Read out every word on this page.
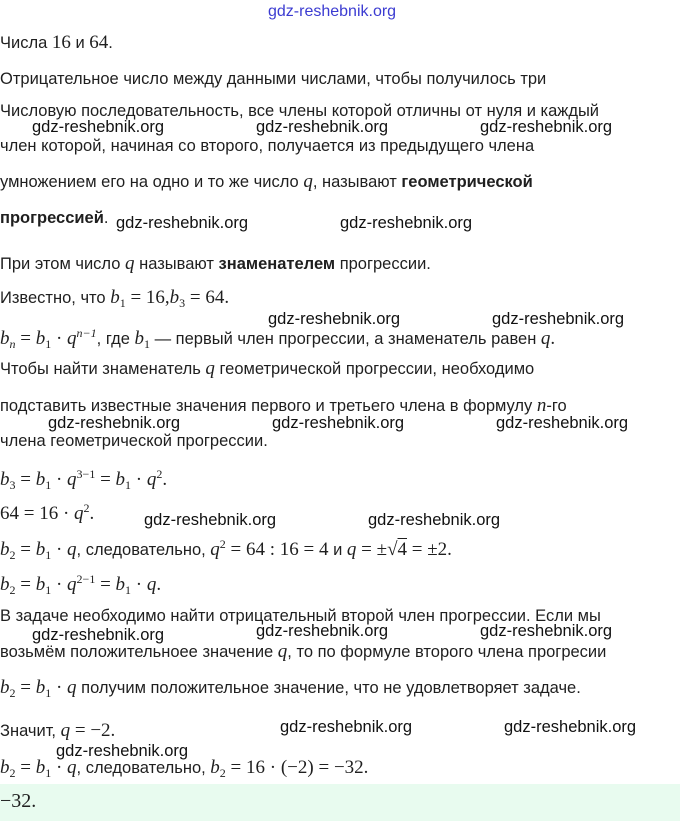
gdz-reshebnik.org
gdz-reshebnik.org	gdz-reshebnik.org	gdz-reshebnik.org
gdz-reshebnik.org	gdz-reshebnik.org
gdz-reshebnik.org	gdz-reshebnik.org
gdz-reshebnik.org	gdz-reshebnik.org	gdz-reshebnik.org
gdz-reshebnik.org	gdz-reshebnik.org
gdz-reshebnik.org	gdz-reshebnik.org	gdz-reshebnik.org
gdz-reshebnik.org	gdz-reshebnik.org
gdz-reshebnik.org
Числа 16 и 64.
Отрицательное число между данными числами, чтобы получилось три
Числовую последовательность, все члены которой отличны от нуля и каждый
член которой, начиная со второго, получается из предыдущего члена
умножением его на одно и то же число q, называют геометрической
прогрессией.
При этом число q называют знаменателем прогрессии.
Известно, что $b_1 = 16,b_3 = 64$.
$b_n = b_1 \cdot q^{n-1}$, где $b_1$ — первый член прогрессии, а знаменатель равен q.
Чтобы найти знаменатель q геометрической прогрессии, необходимо
подставить известные значения первого и третьего члена в формулу n-го
члена геометрической прогрессии.
$b_3 = b_1 \cdot q^{3-1} = b_1 \cdot q^2$.
$64 = 16 \cdot q^2$.
$b_2 = b_1 \cdot q$, следовательно, $q^2 = 64$ : 16 = 4 и q = ±√4 = ±2.
$b_2 = b_1 \cdot q^{2-1} = b_1 \cdot q$.
В задаче необходимо найти отрицательный второй член прогрессии. Если мы
возьмём положительноее значение q, то по формуле второго члена прогресии
$b_2 = b_1 \cdot q$ получим положительное значение, что не удовлетворяет задаче.
Значит, q = −2.
$b_2 = b_1 \cdot q$, следовательно, $b_2 = 16 \cdot (-2) = -32$.
−32.
